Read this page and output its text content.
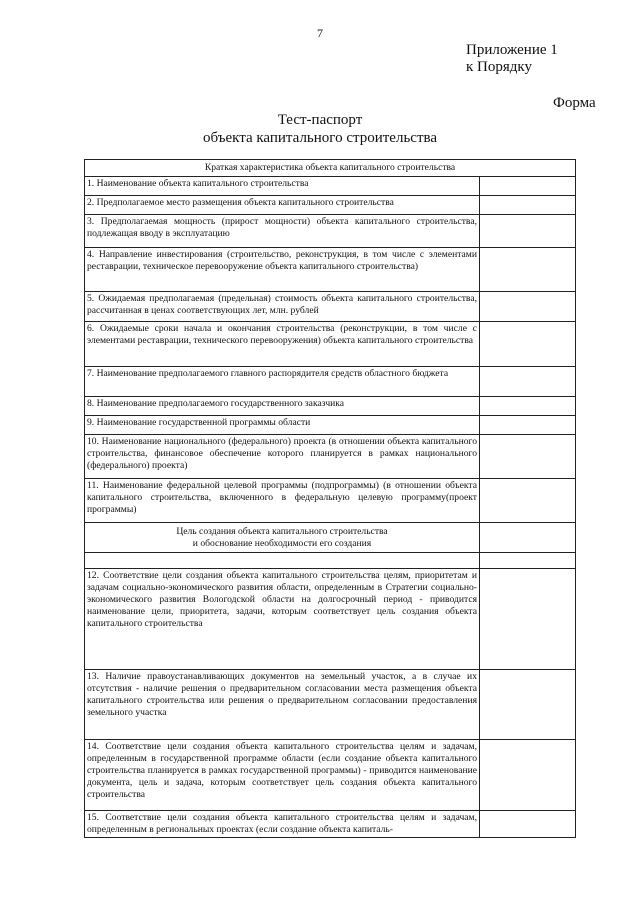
7
Приложение 1
к Порядку
Форма
Тест-паспорт
объекта капитального строительства
Краткая характеристика объекта капитального строительства	
1. Наименование объекта капитального строительства	
2. Предполагаемое место размещения объекта капитального строительства	
3. Предполагаемая мощность (прирост мощности) объекта капитального строительства, подлежащая вводу в эксплуатацию	
4. Направление инвестирования (строительство, реконструкция, в том числе с элементами реставрации, техническое перевооружение объекта капитального строительства)	
5. Ожидаемая предполагаемая (предельная) стоимость объекта капитального строительства, рассчитанная в ценах соответствующих лет, млн. рублей	
6. Ожидаемые сроки начала и окончания строительства (реконструкции, в том числе с элементами реставрации, технического перевооружения) объекта капитального строительства	
7. Наименование предполагаемого главного распорядителя средств областного бюджета	
8. Наименование предполагаемого государственного заказчика	
9. Наименование государственной программы области	
10. Наименование национального (федерального) проекта (в отношении объекта капитального строительства, финансовое обеспечение которого планируется в рамках национального (федерального) проекта)	
11. Наименование федеральной целевой программы (подпрограммы) (в отношении объекта капитального строительства, включенного в федеральную целевую программу(проект программы)	

Цель создания объекта капитального строительства
и обоснование необходимости его создания	

12. Соответствие цели создания объекта капитального строительства целям, приоритетам и задачам социально-экономического развития области, определенным в Стратегии социально-экономического развития Вологодской области на долгосрочный период - приводится наименование цели, приоритета, задачи, которым соответствует цель создания объекта капитального строительства	
13. Наличие правоустанавливающих документов на земельный участок, а в случае их отсутствия - наличие решения о предварительном согласовании места размещения объекта капитального строительства или решения о предварительном согласовании предоставления земельного участка	
14. Соответствие цели создания объекта капитального строительства целям и задачам, определенным в государственной программе области (если создание объекта капитального строительства планируется в рамках государственной программы) - приводится наименование документа, цель и задача, которым соответствует цель создания объекта капитального строительства	
15. Соответствие цели создания объекта капитального строительства целям и задачам, определенным в региональных проектах (если создание объекта капиталь-	
